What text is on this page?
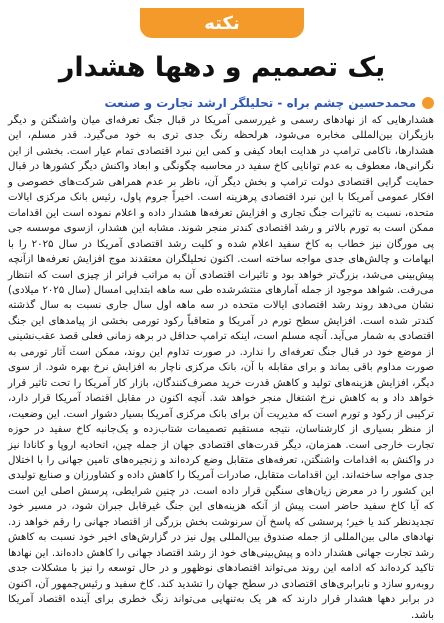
نکته
یک تصمیم و دهها هشدار
محمدحسین چشم براه - تحلیلگر ارشد تجارت و صنعت

هشدارهایی که از نهادهای رسمی و غیررسمی آمریکا در قبال جنگ تعرفه‌ای میان واشنگتن و دیگر بازیگران بین‌المللی مخابره می‌شود، هرلحظه رنگ جدی تری به خود می‌گیرد. قدر مسلم، این هشدارها، ناکامی ترامپ در هدایت ابعاد کیفی و کمی این نبرد اقتصادی تمام عیار است. بخشی از این نگرانی‌ها، معطوف به عدم توانایی کاخ سفید در محاسبه چگونگی و ابعاد واکنش دیگر کشورها در قبال حمایت گرایی اقتصادی دولت ترامپ و بخش دیگر آن، ناظر بر عدم همراهی شرکت‌های خصوصی و افکار عمومی آمریکا با این نبرد اقتصادی پرهزینه است. اخیراً جروم پاول، رئیس بانک مرکزی ایالات متحده، نسبت به تاثیرات جنگ تجاری و افزایش تعرفه‌ها هشدار داده و اعلام نموده است این اقدامات ممکن است به تورم بالاتر و رشد اقتصادی کندتر منجر شوند. مشابه این هشدار، ازسوی موسسه جی پی مورگان نیز خطاب به کاخ سفید اعلام شده و کلیت رشد اقتصادی آمریکا در سال ۲۰۲۵ را با ابهامات و چالش‌های جدی مواجه ساخته است. اکنون تحلیلگران معتقدند موج افزایش تعرفه‌ها ازآنچه پیش‌بینی می‌شد، بزرگ‌تر خواهد بود و تاثیرات اقتصادی آن به مراتب فراتر از چیزی است که انتظار می‌رفت. شواهد موجود از جمله آمارهای منتشرشده طی سه ماهه ابتدایی امسال (سال ۲۰۲۵ میلادی) نشان می‌دهد روند رشد اقتصادی ایالات متحده در سه ماهه اول سال جاری نسبت به سال گذشته کندتر شده است. افزایش سطح تورم در آمریکا و متعاقباً رکود تورمی بخشی از پیامدهای این جنگ اقتصادی به شمار می‌آید. آنچه مسلم است، اینکه ترامپ حداقل در برهه زمانی فعلی قصد عقب‌نشینی از موضع خود در قبال جنگ تعرفه‌ای را ندارد. در صورت تداوم این روند، ممکن است آثار تورمی به صورت مداوم باقی بماند و برای مقابله با آن، بانک مرکزی ناچار به افزایش نرخ بهره شود. از سوی دیگر، افزایش هزینه‌های تولید و کاهش قدرت خرید مصرف‌کنندگان، بازار کار آمریکا را تحت تاثیر قرار خواهد داد و به کاهش نرخ اشتغال منجر خواهد شد. آنچه اکنون در مقابل اقتصاد آمریکا قرار دارد، ترکیبی از رکود و تورم است که مدیریت آن برای بانک مرکزی آمریکا بسیار دشوار است. این وضعیت، از منظر بسیاری از کارشناسان، نتیجه مستقیم تصمیمات شتاب‌زده و یک‌جانبه کاخ سفید در حوزه تجارت خارجی است. همزمان، دیگر قدرت‌های اقتصادی جهان از جمله چین، اتحادیه اروپا و کانادا نیز در واکنش به اقدامات واشنگتن، تعرفه‌های متقابل وضع کرده‌اند و زنجیره‌های تامین جهانی را با اختلال جدی مواجه ساخته‌اند. این اقدامات متقابل، صادرات آمریکا را کاهش داده و کشاورزان و صنایع تولیدی این کشور را در معرض زیان‌های سنگین قرار داده است. در چنین شرایطی، پرسش اصلی این است که آیا کاخ سفید حاضر است پیش از آنکه هزینه‌های این جنگ غیرقابل جبران شود، در مسیر خود تجدیدنظر کند یا خیر؛ پرسشی که پاسخ آن سرنوشت بخش بزرگی از اقتصاد جهانی را رقم خواهد زد. نهادهای مالی بین‌المللی از جمله صندوق بین‌المللی پول نیز در گزارش‌های اخیر خود نسبت به کاهش رشد تجارت جهانی هشدار داده و پیش‌بینی‌های خود از رشد اقتصاد جهانی را کاهش داده‌اند. این نهادها تاکید کرده‌اند که ادامه این روند می‌تواند اقتصادهای نوظهور و در حال توسعه را نیز با مشکلات جدی روبه‌رو سازد و نابرابری‌های اقتصادی در سطح جهان را تشدید کند. کاخ سفید و رئیس‌جمهور آن، اکنون در برابر دهها هشدار قرار دارند که هر یک به‌تنهایی می‌تواند زنگ خطری برای آینده اقتصاد آمریکا باشد.
